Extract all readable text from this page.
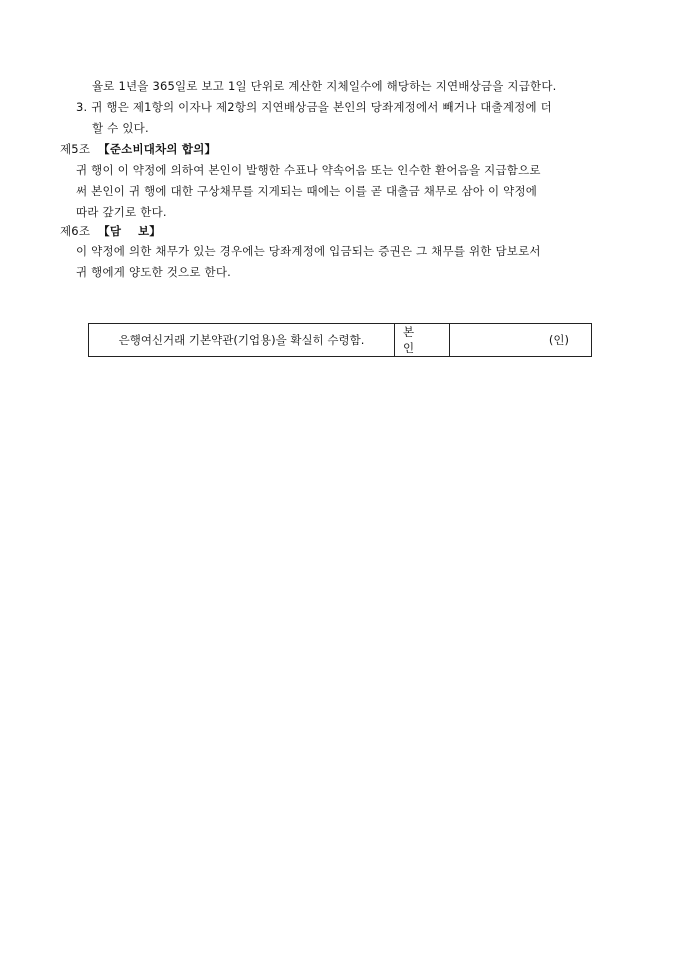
율로 1년을 365일로 보고 1일 단위로 계산한 지체일수에 해당하는 지연배상금을 지급한다.
3. 귀 행은 제1항의 이자나 제2항의 지연배상금을 본인의 당좌계정에서 빼거나 대출계정에 더
할 수 있다.
제5조 【준소비대차의 합의】
귀 행이 이 약정에 의하여 본인이 발행한 수표나 약속어음 또는 인수한 환어음을 지급함으로
써 본인이 귀 행에 대한 구상채무를 지게되는 때에는 이를 곧 대출금 채무로 삼아 이 약정에
따라 갚기로 한다.
제6조 【담    보】
이 약정에 의한 채무가 있는 경우에는 당좌계정에 입금되는 증권은 그 채무를 위한 담보로서
귀 행에게 양도한 것으로 한다.
은행여신거래 기본약관(기업용)을 확실히 수령함.
본 인
(인)
